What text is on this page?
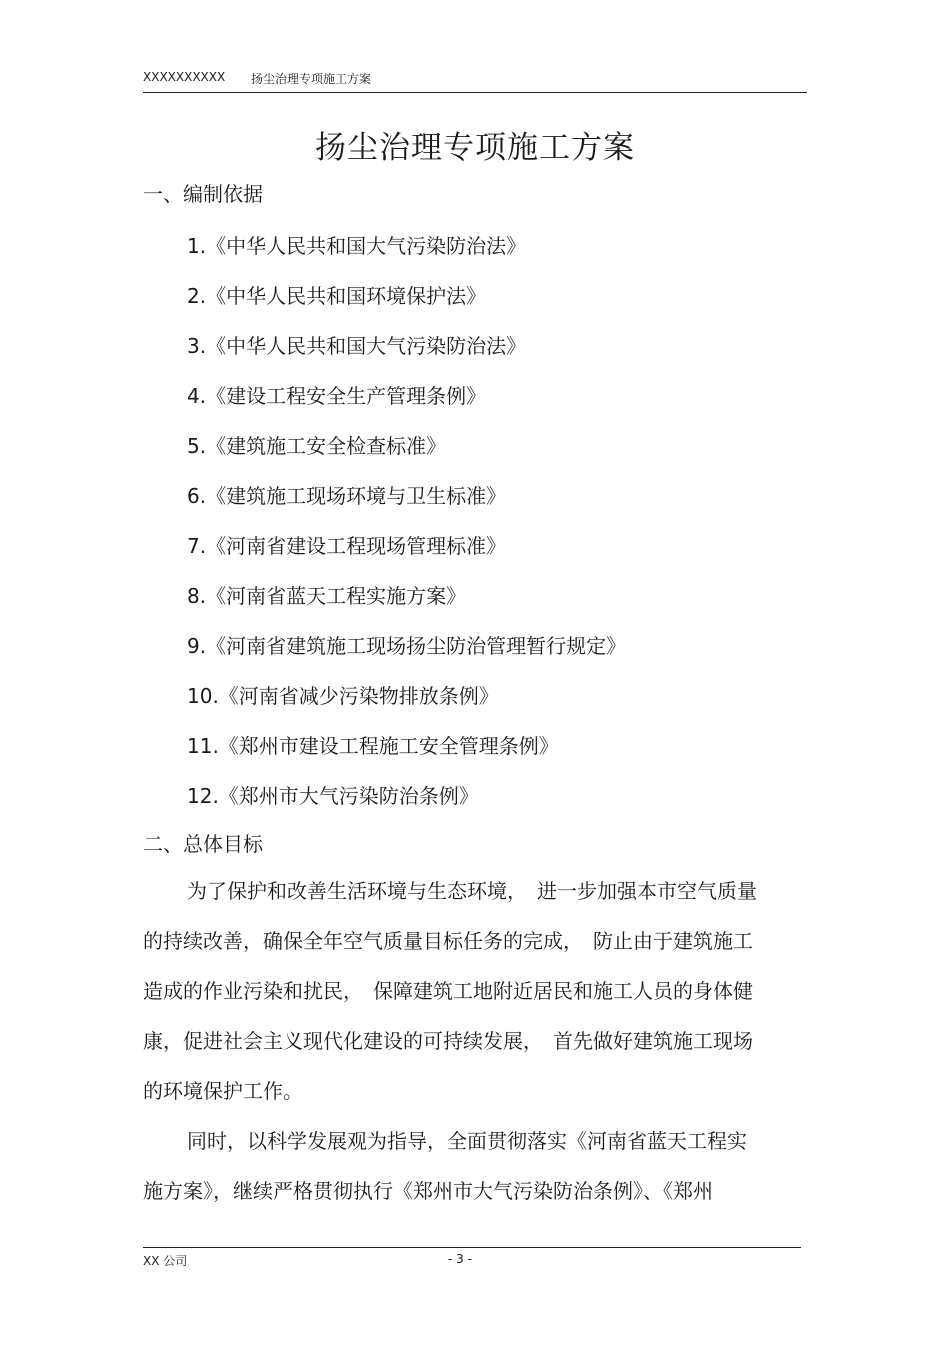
XXXXXXXXXX 扬尘治理专项施工方案
扬尘治理专项施工方案
一、编制依据
1.《中华人民共和国大气污染防治法》
2.《中华人民共和国环境保护法》
3.《中华人民共和国大气污染防治法》
4.《建设工程安全生产管理条例》
5.《建筑施工安全检查标准》
6.《建筑施工现场环境与卫生标准》
7.《河南省建设工程现场管理标准》
8.《河南省蓝天工程实施方案》
9.《河南省建筑施工现场扬尘防治管理暂行规定》
10.《河南省减少污染物排放条例》
11.《郑州市建设工程施工安全管理条例》
12.《郑州市大气污染防治条例》
二、总体目标
为了保护和改善生活环境与生态环境，　进一步加强本市空气质量
的持续改善，确保全年空气质量目标任务的完成，　防止由于建筑施工
造成的作业污染和扰民，　保障建筑工地附近居民和施工人员的身体健
康，促进社会主义现代化建设的可持续发展，　首先做好建筑施工现场
的环境保护工作。
同时，以科学发展观为指导，全面贯彻落实《河南省蓝天工程实
施方案》，继续严格贯彻执行《郑州市大气污染防治条例》、《郑州
XX 公司	- 3 -
